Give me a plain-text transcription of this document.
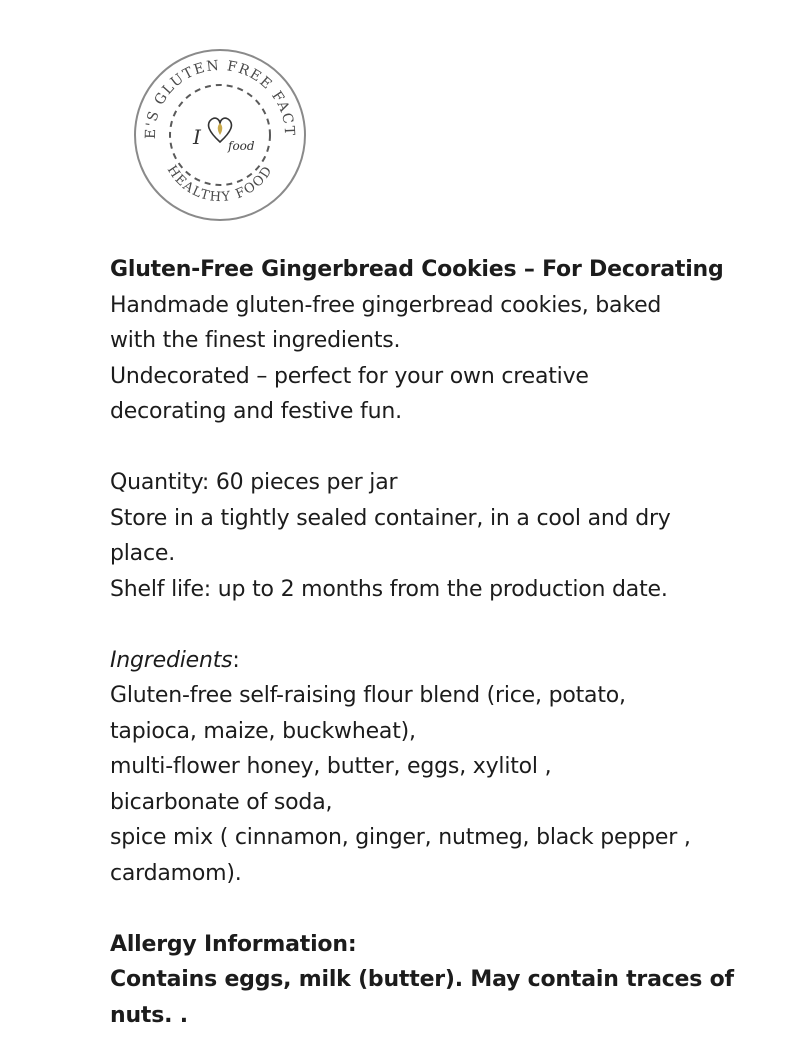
E'S GLUTEN FREE FACT
HEALTHY FOOD
I food
Gluten-Free Gingerbread Cookies – For Decorating
Handmade gluten-free gingerbread cookies, baked
with the finest ingredients.
Undecorated – perfect for your own creative
decorating and festive fun.
Quantity: 60 pieces per jar
Store in a tightly sealed container, in a cool and dry
place.
Shelf life: up to 2 months from the production date.
Ingredients:
Gluten-free self-raising flour blend (rice, potato,
tapioca, maize, buckwheat),
multi-flower honey, butter, eggs, xylitol ,
bicarbonate of soda,
spice mix ( cinnamon, ginger, nutmeg, black pepper ,
cardamom).
Allergy Information:
Contains eggs, milk (butter). May contain traces of
nuts. .
